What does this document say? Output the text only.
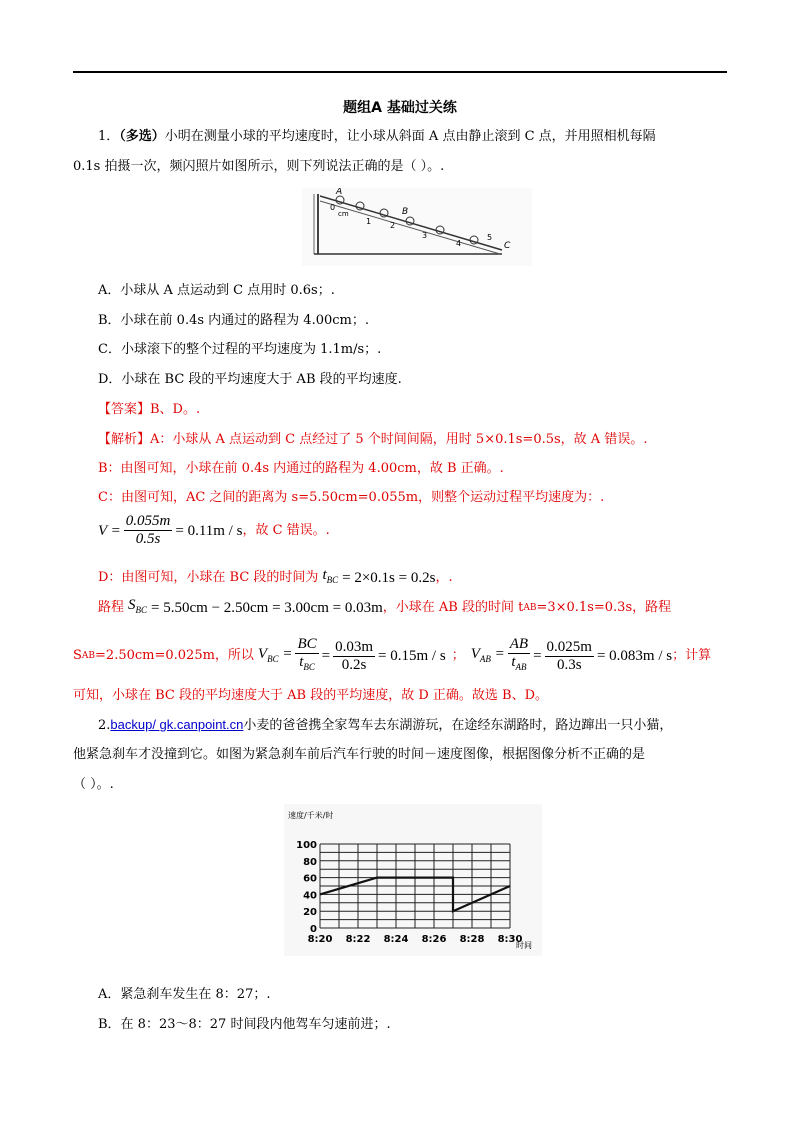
题组A 基础过关练
1．（多选）小明在测量小球的平均速度时，让小球从斜面 A 点由静止滚到 C 点，并用照相机每隔
0.1s 拍摄一次，频闪照片如图所示，则下列说法正确的是（ ）。.
A
0
cm
1 2
B
3
4
5
C
A．小球从 A 点运动到 C 点用时 0.6s；.
B．小球在前 0.4s 内通过的路程为 4.00cm；.
C．小球滚下的整个过程的平均速度为 1.1m/s；.
D．小球在 BC 段的平均速度大于 AB 段的平均速度.
【答案】B、D。.
【解析】A：小球从 A 点运动到 C 点经过了 5 个时间间隔，用时 5×0.1s=0.5s，故 A 错误。.
B：由图可知，小球在前 0.4s 内通过的路程为 4.00cm，故 B 正确。.
C：由图可知，AC 之间的距离为 s=5.50cm=0.055m，则整个运动过程平均速度为：.
$V = \frac{0.055m}{0.5s} = 0.11m / s$ ，故 C 错误。.
D：由图可知，小球在 BC 段的时间为 $t_{BC} = 2\times 0.1s = 0.2s$ ，.
路程 $S_{BC} = 5.50cm - 2.50cm = 3.00cm = 0.03m$ ，小球在 AB 段的时间 t AB =3×0.1s=0.3s，路程
S AB =2.50cm=0.025m，所以 $V_{BC} = \frac{BC}{t_{BC}} = \frac{0.03m}{0.2s} = 0.15m / s$ ； $V_{AB} = \frac{AB}{t_{AB}} = \frac{0.025m}{0.3s} = 0.083m / s$ ；计算
可知，小球在 BC 段的平均速度大于 AB 段的平均速度，故 D 正确。故选 B、D。
2.backup/ gk.canpoint.cn小麦的爸爸携全家驾车去东湖游玩，在途经东湖路时，路边蹿出一只小猫，
他紧急刹车才没撞到它。如图为紧急刹车前后汽车行驶的时间－速度图像，根据图像分析不正确的是
（ ）。.
速度/千米/时
0
20
40
60
80
100
8:20 8:22 8:24 8:26 8:28 8:30
时间
A．紧急刹车发生在 8：27；.
B．在 8：23～8：27 时间段内他驾车匀速前进；.
